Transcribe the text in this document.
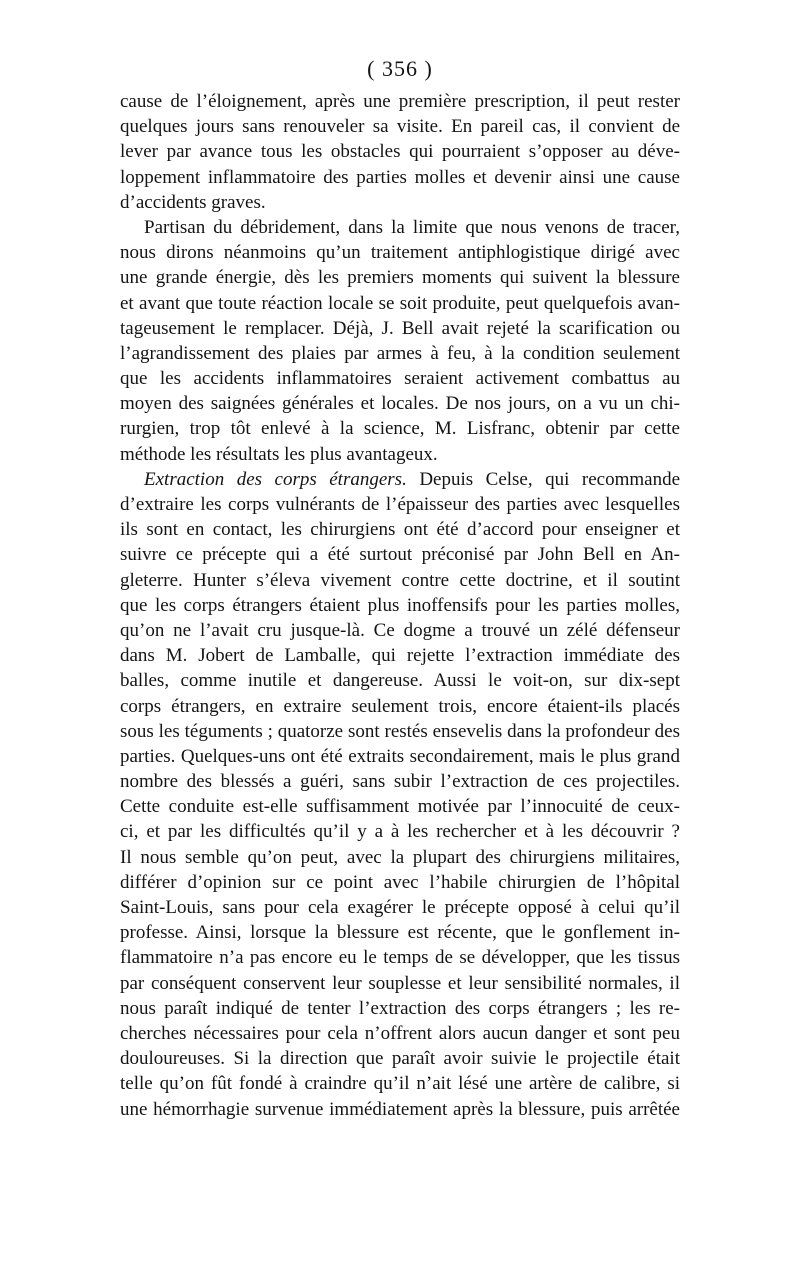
( 356 )
cause de l’éloignement, après une première prescription, il peut rester
quelques jours sans renouveler sa visite. En pareil cas, il convient de
lever par avance tous les obstacles qui pourraient s’opposer au déve-
loppement inflammatoire des parties molles et devenir ainsi une cause
d’accidents graves.
Partisan du débridement, dans la limite que nous venons de tracer,
nous dirons néanmoins qu’un traitement antiphlogistique dirigé avec
une grande énergie, dès les premiers moments qui suivent la blessure
et avant que toute réaction locale se soit produite, peut quelquefois avan-
tageusement le remplacer. Déjà, J. Bell avait rejeté la scarification ou
l’agrandissement des plaies par armes à feu, à la condition seulement
que les accidents inflammatoires seraient activement combattus au
moyen des saignées générales et locales. De nos jours, on a vu un chi-
rurgien, trop tôt enlevé à la science, M. Lisfranc, obtenir par cette
méthode les résultats les plus avantageux.
Extraction des corps étrangers. Depuis Celse, qui recommande
d’extraire les corps vulnérants de l’épaisseur des parties avec lesquelles
ils sont en contact, les chirurgiens ont été d’accord pour enseigner et
suivre ce précepte qui a été surtout préconisé par John Bell en An-
gleterre. Hunter s’éleva vivement contre cette doctrine, et il soutint
que les corps étrangers étaient plus inoffensifs pour les parties molles,
qu’on ne l’avait cru jusque-là. Ce dogme a trouvé un zélé défenseur
dans M. Jobert de Lamballe, qui rejette l’extraction immédiate des
balles, comme inutile et dangereuse. Aussi le voit-on, sur dix-sept
corps étrangers, en extraire seulement trois, encore étaient-ils placés
sous les téguments ; quatorze sont restés ensevelis dans la profondeur des
parties. Quelques-uns ont été extraits secondairement, mais le plus grand
nombre des blessés a guéri, sans subir l’extraction de ces projectiles.
Cette conduite est-elle suffisamment motivée par l’innocuité de ceux-
ci, et par les difficultés qu’il y a à les rechercher et à les découvrir ?
Il nous semble qu’on peut, avec la plupart des chirurgiens militaires,
différer d’opinion sur ce point avec l’habile chirurgien de l’hôpital
Saint-Louis, sans pour cela exagérer le précepte opposé à celui qu’il
professe. Ainsi, lorsque la blessure est récente, que le gonflement in-
flammatoire n’a pas encore eu le temps de se développer, que les tissus
par conséquent conservent leur souplesse et leur sensibilité normales, il
nous paraît indiqué de tenter l’extraction des corps étrangers ; les re-
cherches nécessaires pour cela n’offrent alors aucun danger et sont peu
douloureuses. Si la direction que paraît avoir suivie le projectile était
telle qu’on fût fondé à craindre qu’il n’ait lésé une artère de calibre, si
une hémorrhagie survenue immédiatement après la blessure, puis arrêtée
